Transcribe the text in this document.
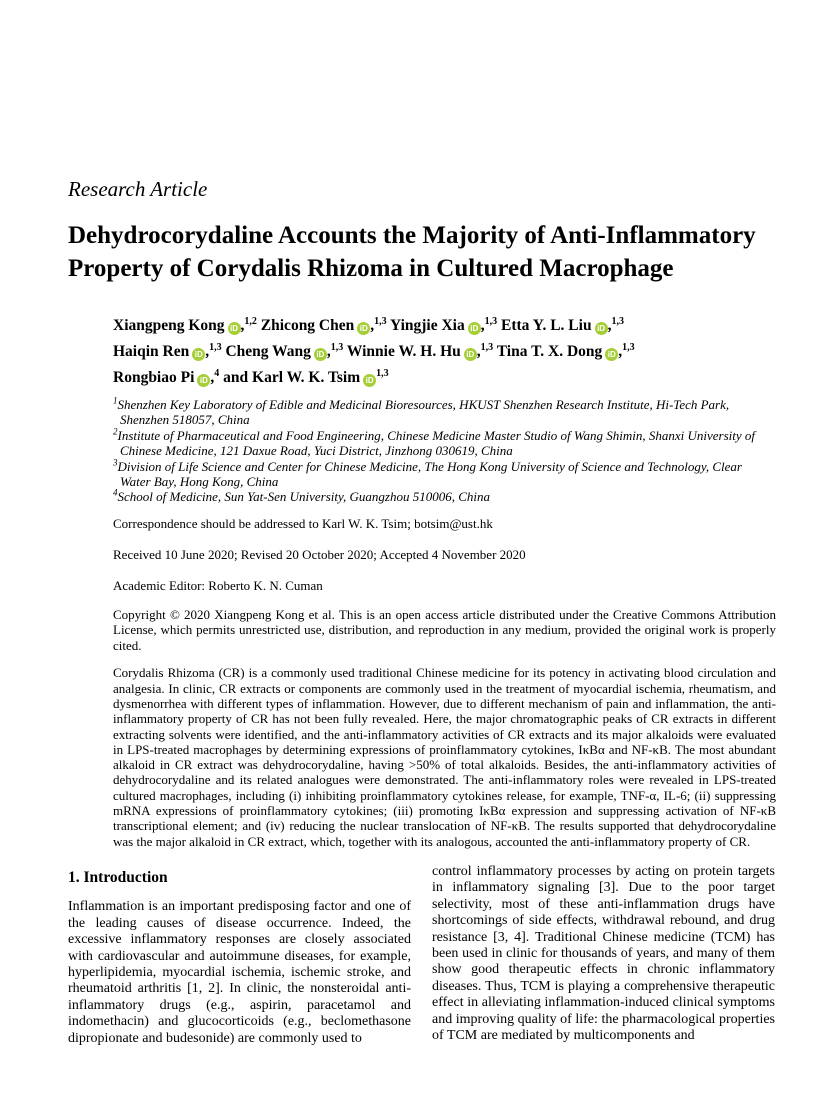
Research Article
Dehydrocorydaline Accounts the Majority of Anti-Inflammatory Property of Corydalis Rhizoma in Cultured Macrophage
Xiangpeng Kong iD ,$^{1,2}$ Zhicong Chen iD ,$^{1,3}$ Yingjie Xia iD ,$^{1,3}$ Etta Y. L. Liu iD ,$^{1,3}$
Haiqin Ren iD ,$^{1,3}$ Cheng Wang iD ,$^{1,3}$ Winnie W. H. Hu iD ,$^{1,3}$ Tina T. X. Dong iD ,$^{1,3}$
Rongbiao Pi iD ,$^4$ and Karl W. K. Tsim iD$^{1,3}$
$^1$Shenzhen Key Laboratory of Edible and Medicinal Bioresources, HKUST Shenzhen Research Institute, Hi-Tech Park, Shenzhen 518057, China
$^2$Institute of Pharmaceutical and Food Engineering, Chinese Medicine Master Studio of Wang Shimin, Shanxi University of Chinese Medicine, 121 Daxue Road, Yuci District, Jinzhong 030619, China
$^3$Division of Life Science and Center for Chinese Medicine, The Hong Kong University of Science and Technology, Clear Water Bay, Hong Kong, China
$^4$School of Medicine, Sun Yat-Sen University, Guangzhou 510006, China
Correspondence should be addressed to Karl W. K. Tsim; botsim@ust.hk
Received 10 June 2020; Revised 20 October 2020; Accepted 4 November 2020
Academic Editor: Roberto K. N. Cuman
Copyright © 2020 Xiangpeng Kong et al. This is an open access article distributed under the Creative Commons Attribution License, which permits unrestricted use, distribution, and reproduction in any medium, provided the original work is properly cited.
Corydalis Rhizoma (CR) is a commonly used traditional Chinese medicine for its potency in activating blood circulation and analgesia. In clinic, CR extracts or components are commonly used in the treatment of myocardial ischemia, rheumatism, and dysmenorrhea with different types of inflammation. However, due to different mechanism of pain and inflammation, the anti-inflammatory property of CR has not been fully revealed. Here, the major chromatographic peaks of CR extracts in different extracting solvents were identified, and the anti-inflammatory activities of CR extracts and its major alkaloids were evaluated in LPS-treated macrophages by determining expressions of proinflammatory cytokines, IκBα and NF-κB. The most abundant alkaloid in CR extract was dehydrocorydaline, having >50% of total alkaloids. Besides, the anti-inflammatory activities of dehydrocorydaline and its related analogues were demonstrated. The anti-inflammatory roles were revealed in LPS-treated cultured macrophages, including (i) inhibiting proinflammatory cytokines release, for example, TNF-α, IL-6; (ii) suppressing mRNA expressions of proinflammatory cytokines; (iii) promoting IκBα expression and suppressing activation of NF-κB transcriptional element; and (iv) reducing the nuclear translocation of NF-κB. The results supported that dehydrocorydaline was the major alkaloid in CR extract, which, together with its analogous, accounted the anti-inflammatory property of CR.
1. Introduction

Inflammation is an important predisposing factor and one of the leading causes of disease occurrence. Indeed, the excessive inflammatory responses are closely associated with cardiovascular and autoimmune diseases, for example, hyperlipidemia, myocardial ischemia, ischemic stroke, and rheumatoid arthritis [1, 2]. In clinic, the nonsteroidal anti-inflammatory drugs (e.g., aspirin, paracetamol and indomethacin) and glucocorticoids (e.g., beclomethasone dipropionate and budesonide) are commonly used to

control inflammatory processes by acting on protein targets in inflammatory signaling [3]. Due to the poor target selectivity, most of these anti-inflammation drugs have shortcomings of side effects, withdrawal rebound, and drug resistance [3, 4]. Traditional Chinese medicine (TCM) has been used in clinic for thousands of years, and many of them show good therapeutic effects in chronic inflammatory diseases. Thus, TCM is playing a comprehensive therapeutic effect in alleviating inflammation-induced clinical symptoms and improving quality of life: the pharmacological properties of TCM are mediated by multicomponents and
